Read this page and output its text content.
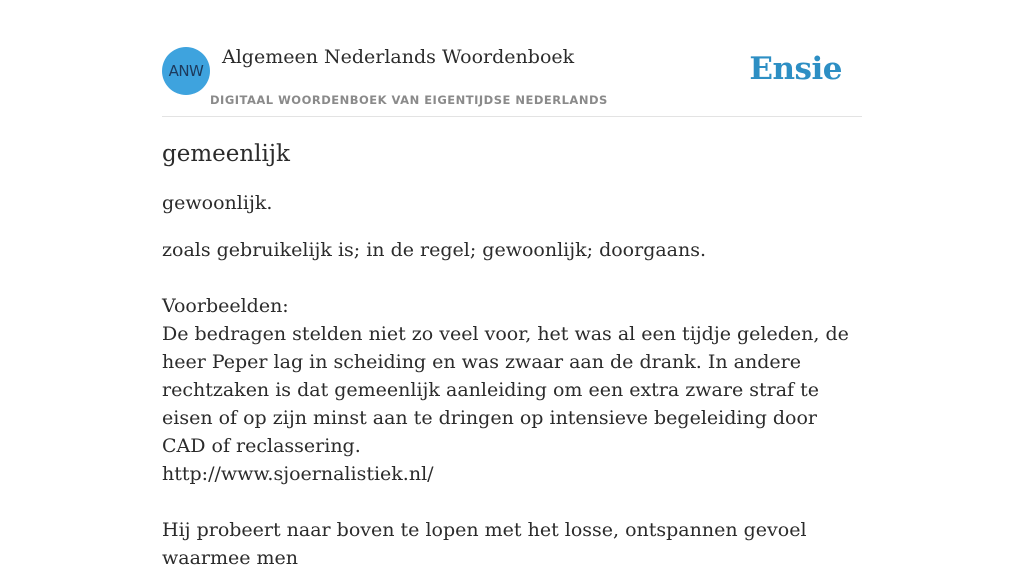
ANW
Algemeen Nederlands Woordenboek
DIGITAAL WOORDENBOEK VAN EIGENTIJDSE NEDERLANDS
Ensie
gemeenlijk

gewoonlijk.

zoals gebruikelijk is; in de regel; gewoonlijk; doorgaans.

Voorbeelden:
De bedragen stelden niet zo veel voor, het was al een tijdje geleden, de heer Peper lag in scheiding en was zwaar aan de drank. In andere rechtzaken is dat gemeenlijk aanleiding om een extra zware straf te eisen of op zijn minst aan te dringen op intensieve begeleiding door CAD of reclassering.
http://www.sjoernalistiek.nl/
Hij probeert naar boven te lopen met het losse, ontspannen gevoel waarmee men
